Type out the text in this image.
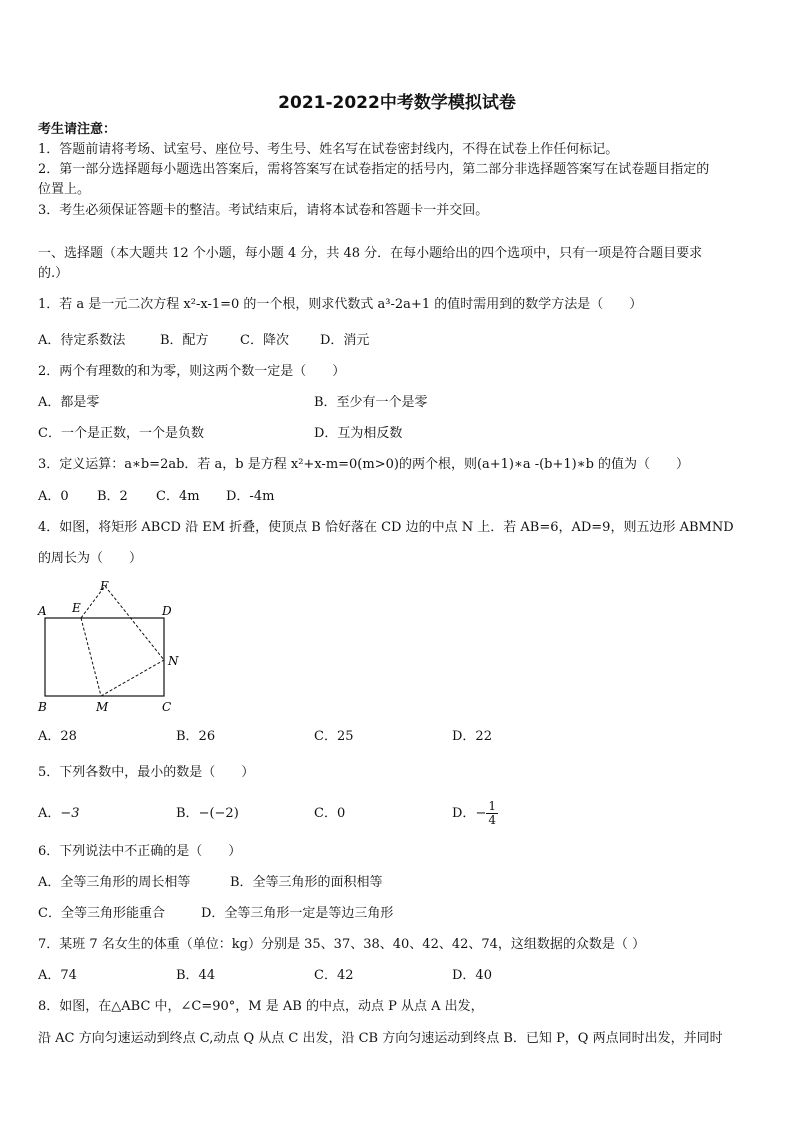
2021-2022中考数学模拟试卷
考生请注意：
1．答题前请将考场、试室号、座位号、考生号、姓名写在试卷密封线内，不得在试卷上作任何标记。
2．第一部分选择题每小题选出答案后，需将答案写在试卷指定的括号内，第二部分非选择题答案写在试卷题目指定的
位置上。
3．考生必须保证答题卡的整洁。考试结束后，请将本试卷和答题卡一并交回。
一、选择题（本大题共 12 个小题，每小题 4 分，共 48 分．在每小题给出的四个选项中，只有一项是符合题目要求
的.）
1．若 a 是一元二次方程 x²-x-1=0 的一个根，则求代数式 a³-2a+1 的值时需用到的数学方法是（　　）
A．待定系数法	B．配方 C．降次 D．消元
2．两个有理数的和为零，则这两个数一定是（　　）
A．都是零	B．至少有一个是零
C．一个是正数，一个是负数	D．互为相反数
3．定义运算：a∗b=2ab．若 a，b 是方程 x²+x-m=0(m>0)的两个根，则(a+1)∗a -(b+1)∗b 的值为（　　）
A．0 B．2 C．4m D．-4m
4．如图，将矩形 ABCD 沿 EM 折叠，使顶点 B 恰好落在 CD 边的中点 N 上．若 AB=6，AD=9，则五边形 ABMND
的周长为（　　）
A E
F
D
N
B	M	C
A．28	B．26	C．25	D．22
5．下列各数中，最小的数是（　　）
A．−3	B．−(−2)	C．0	D．− $\frac{1}{4}$
6．下列说法中不正确的是（　　）
A．全等三角形的周长相等	B．全等三角形的面积相等
C．全等三角形能重合	D．全等三角形一定是等边三角形
7．某班 7 名女生的体重（单位：kg）分别是 35、37、38、40、42、42、74，这组数据的众数是（ ）
A．74	B．44	C．42	D．40
8．如图，在△ABC 中，∠C=90°，M 是 AB 的中点，动点 P 从点 A 出发，
沿 AC 方向匀速运动到终点 C,动点 Q 从点 C 出发，沿 CB 方向匀速运动到终点 B．已知 P，Q 两点同时出发，并同时
